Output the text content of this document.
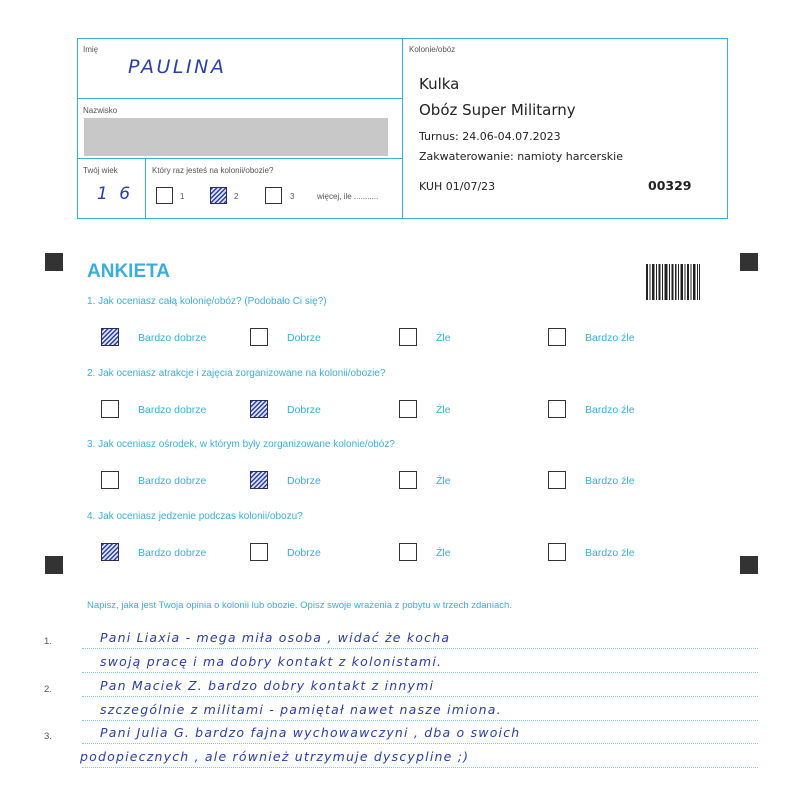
Imię
PAULINA
Nazwisko
Twój wiek
1 6
Który raz jesteś na kolonii/obozie?
1	2	3	więcej, ile ...........
Kolonie/obóz
Kulka
Obóz Super Militarny
Turnus: 24.06-04.07.2023
Zakwaterowanie: namioty harcerskie
KUH 01/07/23	00329
ANKIETA
1. Jak oceniasz całą kolonię/obóz? (Podobało Ci się?)
2. Jak oceniasz atrakcje i zajęcia zorganizowane na kolonii/obozie?
3. Jak oceniasz ośrodek, w którym były zorganizowane kolonie/obóz?
4. Jak oceniasz jedzenie podczas kolonii/obozu?
Bardzo dobrze	Dobrze	Źle	Bardzo źle
Bardzo dobrze	Dobrze	Źle	Bardzo źle
Bardzo dobrze	Dobrze	Źle	Bardzo źle
Bardzo dobrze	Dobrze	Źle	Bardzo źle
Napisz, jaka jest Twoja opinia o kolonii lub obozie. Opisz swoje wrażenia z pobytu w trzech zdaniach.
1.
2.
3.
Pani Liaxia - mega miła osoba , widać że kocha
swoją pracę i ma dobry kontakt z kolonistami.
Pan Maciek Z. bardzo dobry kontakt z innymi
szczególnie z militami - pamiętał nawet nasze imiona.
Pani Julia G. bardzo fajna wychowawczyni , dba o swoich
podopiecznych , ale również utrzymuje dyscypline ;)
